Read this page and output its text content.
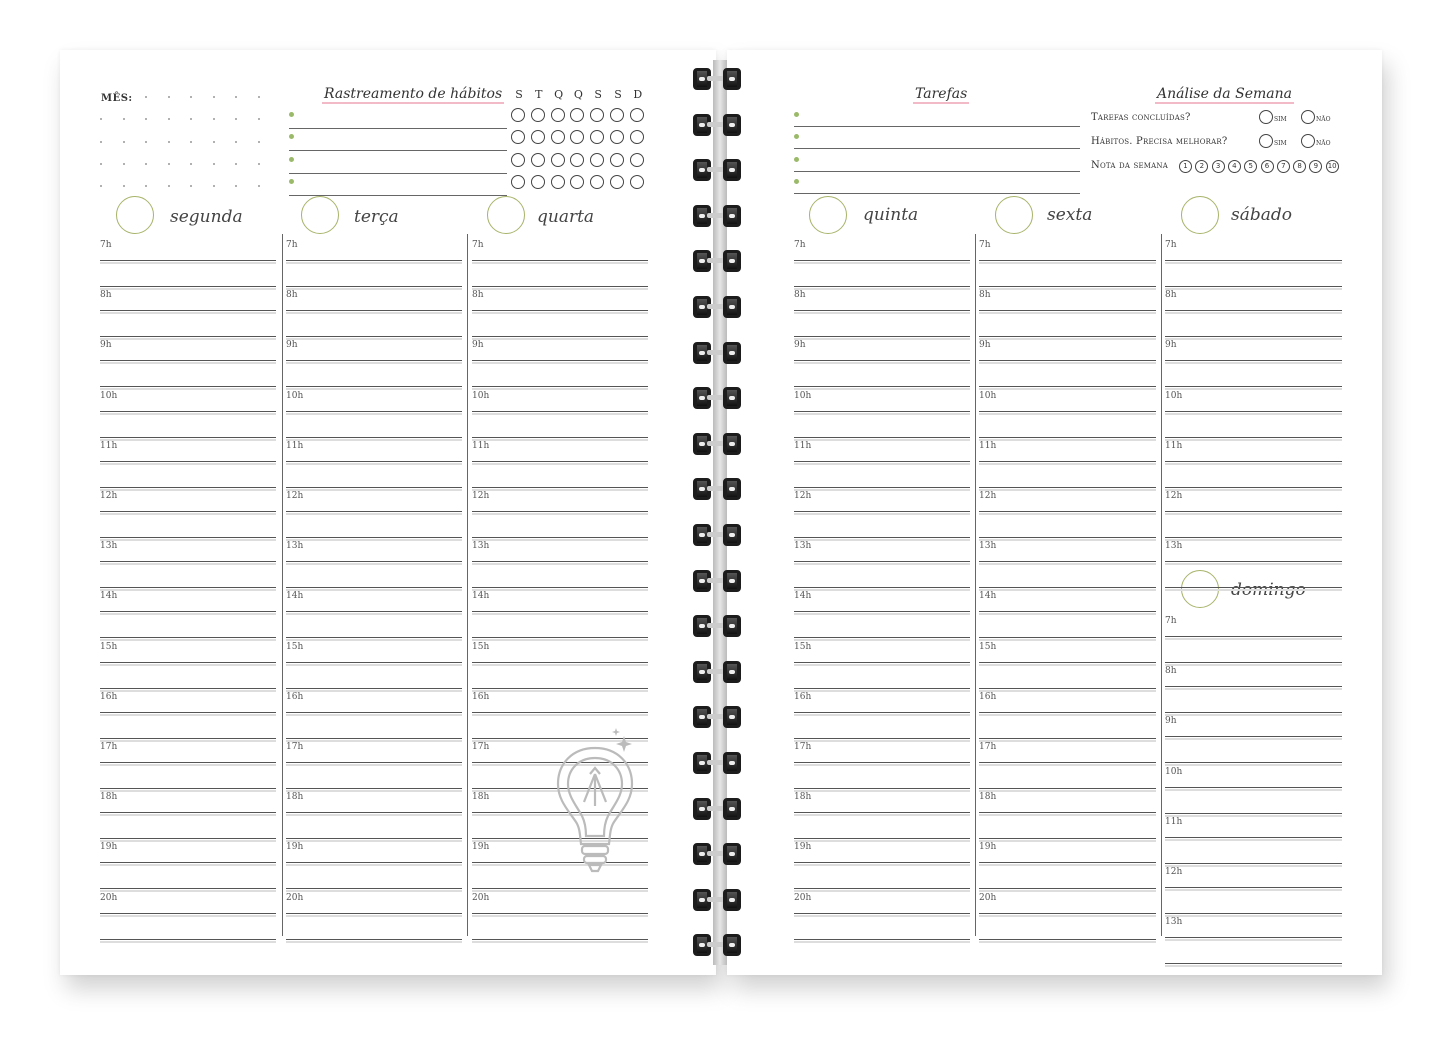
MÊS:	Rastreamento de hábitos	S	T	Q Q	S	S	D
segunda	terça	quarta
7h
8h
9h
10h
11h
12h
13h
14h
15h
16h
17h
18h
19h
20h
7h
8h
9h
10h
11h
12h
13h
14h
15h
16h
17h
18h
19h
20h
7h
8h
9h
10h
11h
12h
13h
14h
15h
16h
17h
18h
19h
20h
Tarefas	Análise da Semana
Tarefas concluídas?	sim	não
Hábitos. Precisa melhorar?	sim	não
Nota da semana	1	2	3	4	5	6	7	8	9	10
quinta	sexta	sábado
domingo
7h
8h
9h
10h
11h
12h
13h
14h
15h
16h
17h
18h
19h
20h
7h
8h
9h
10h
11h
12h
13h
14h
15h
16h
17h
18h
19h
20h
7h
8h
9h
10h
11h
12h
13h
7h
8h
9h
10h
11h
12h
13h
